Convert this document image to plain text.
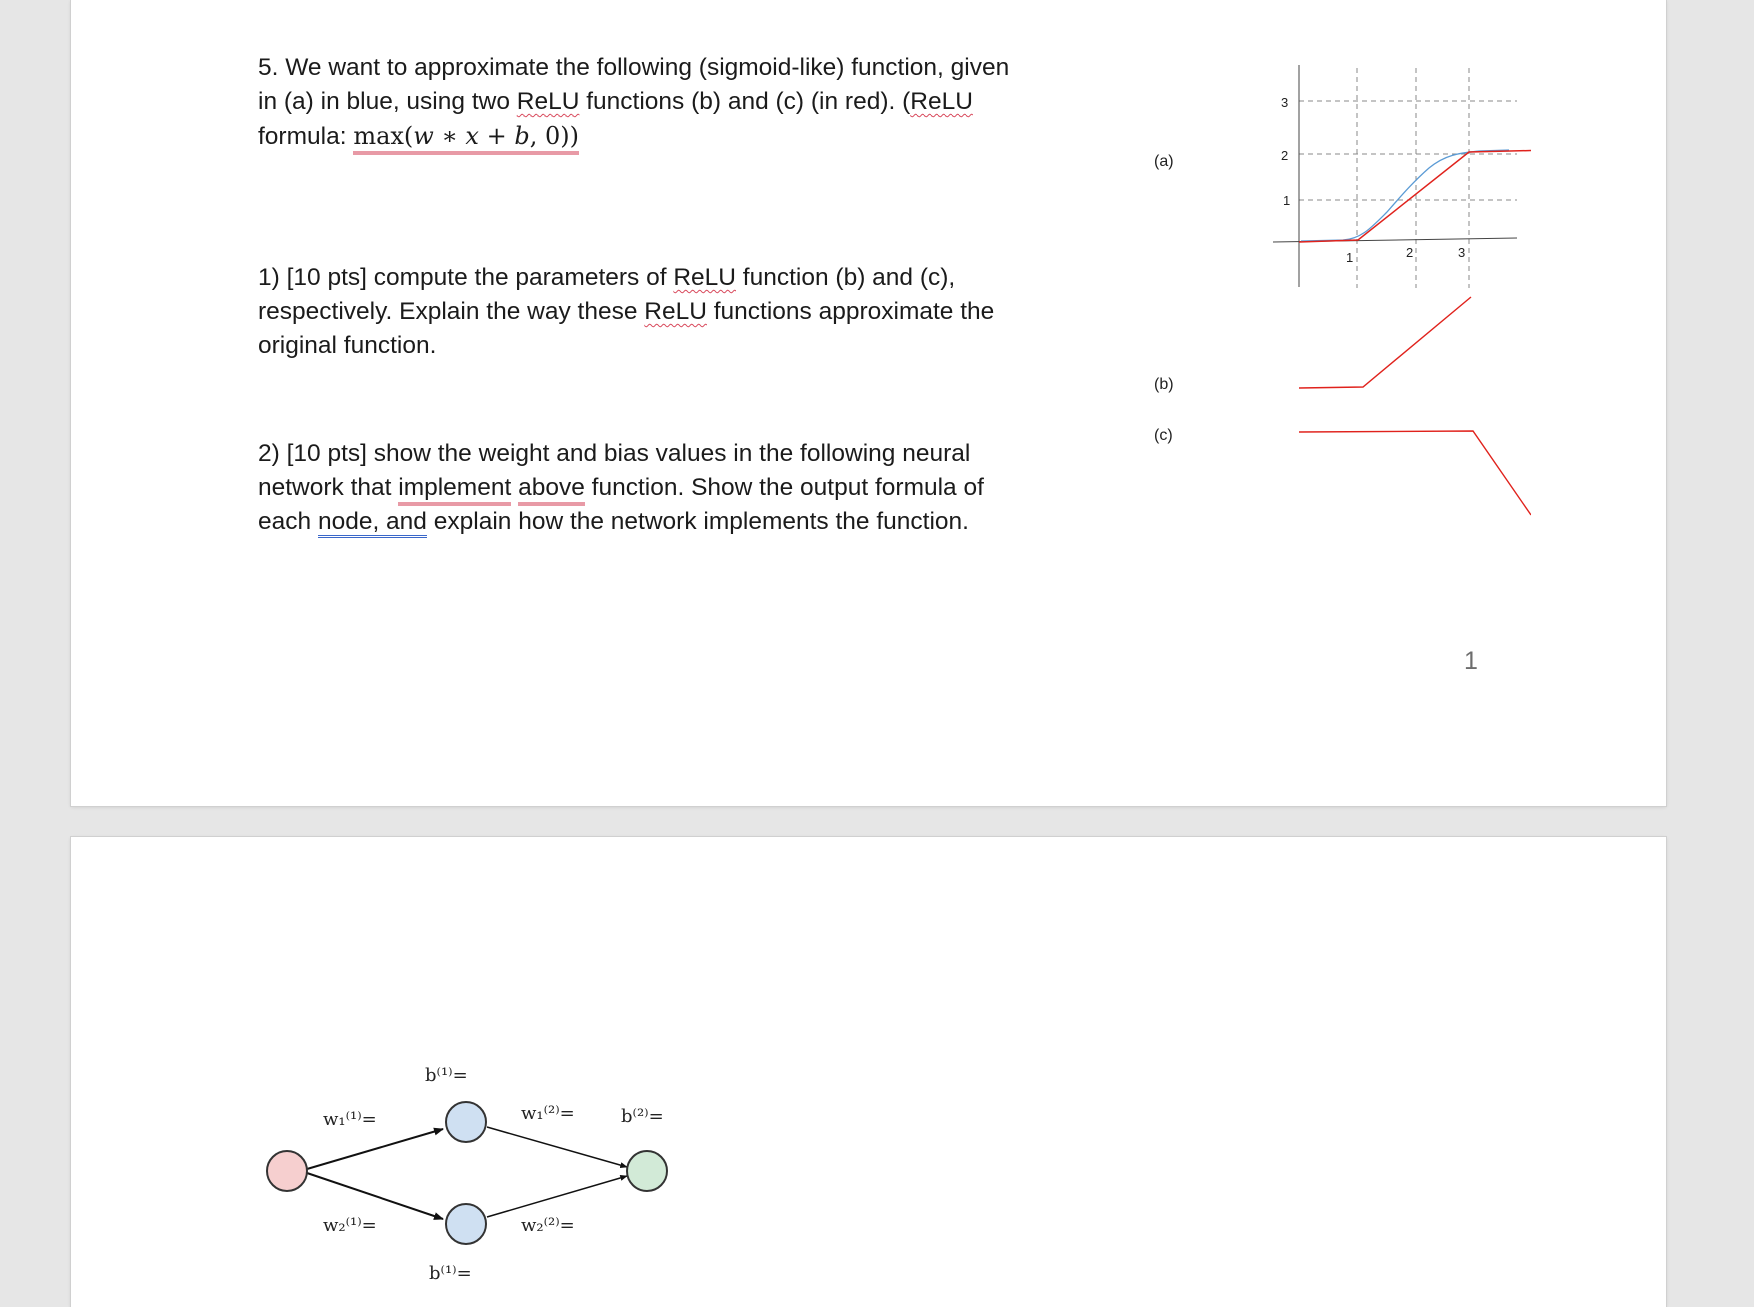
5. We want to approximate the following (sigmoid-like) function, given
in (a) in blue, using two ReLU functions (b) and (c) (in red). (ReLU
formula: max(w ∗ x + b, 0))

1) [10 pts] compute the parameters of ReLU function (b) and (c),
respectively. Explain the way these ReLU functions approximate the
original function.

2) [10 pts] show the weight and bias values in the following neural
network that implement above function. Show the output formula of
each node, and explain how the network implements the function.

(a)
(b)
(c)
3
2
1
1	2	3
1
b⁽¹⁾=
b⁽¹⁾=
b⁽²⁾=
w₁⁽¹⁾=
w₂⁽¹⁾=
w₁⁽²⁾=
w₂⁽²⁾=
